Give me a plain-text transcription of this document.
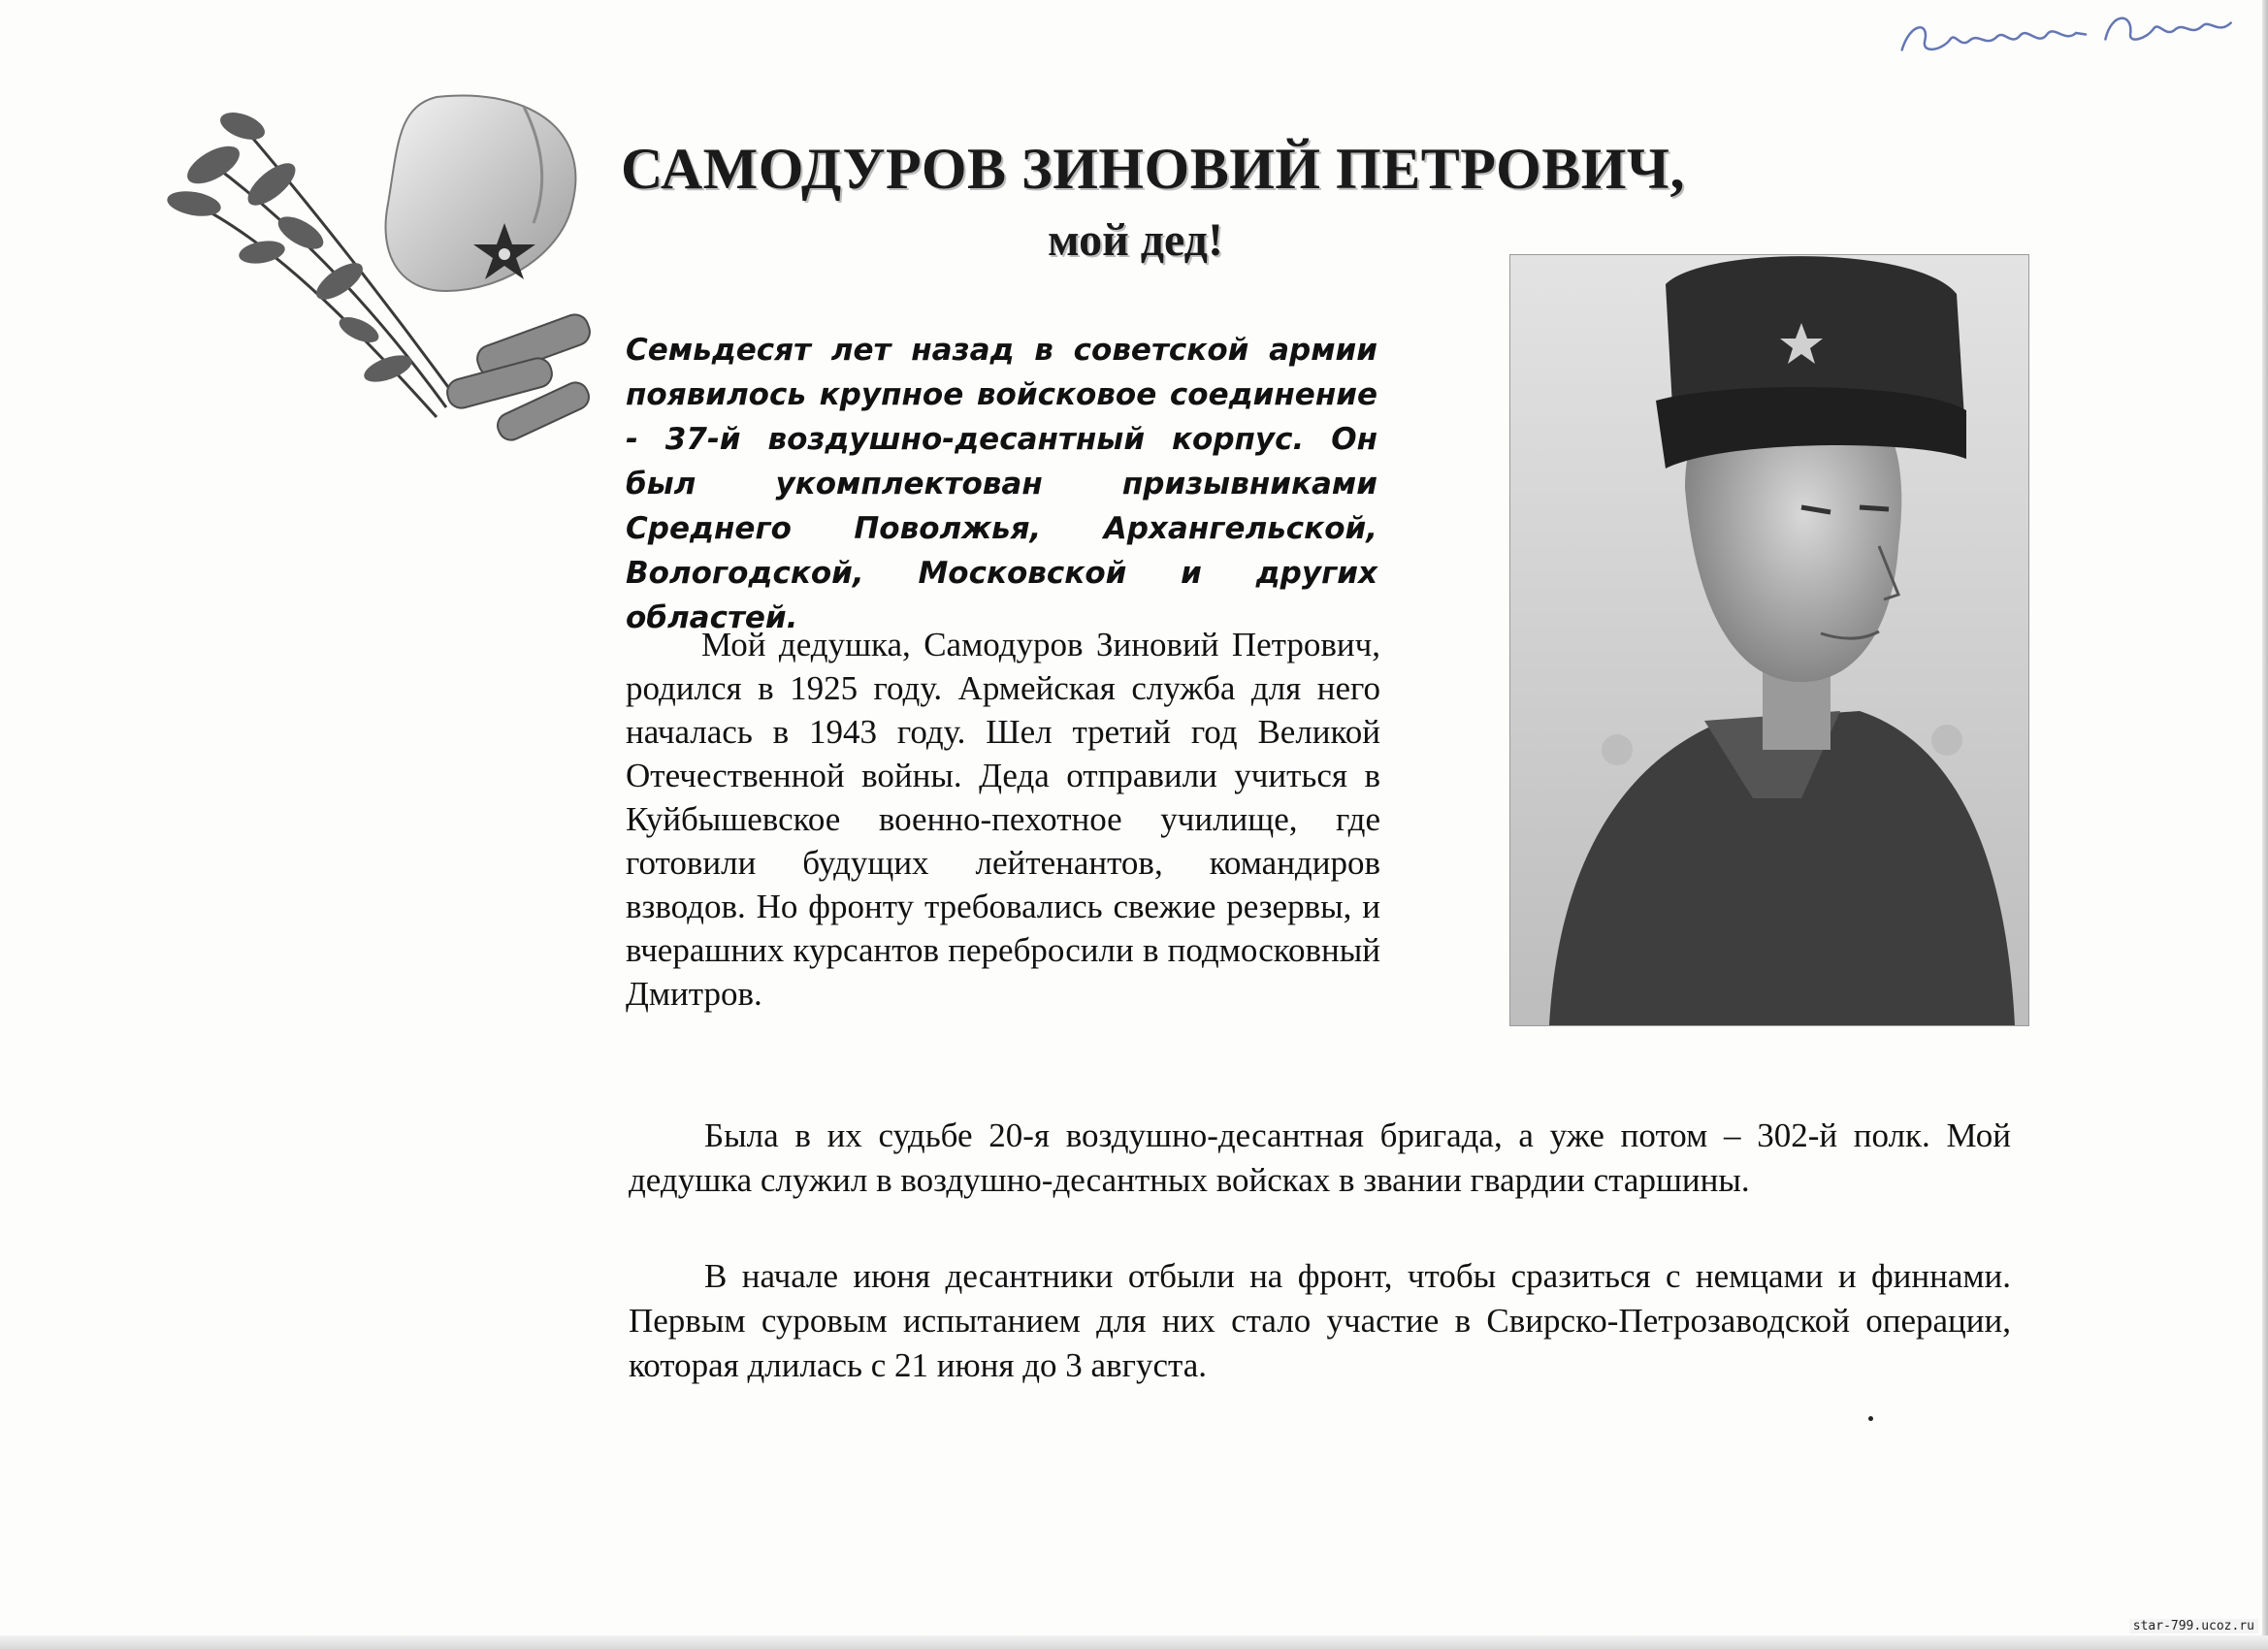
САМОДУРОВ ЗИНОВИЙ ПЕТРОВИЧ,
мой дед!
Семьдесят лет назад в советской армии появилось крупное войсковое соединение - 37-й воздушно-десантный корпус. Он был укомплектован призывниками Среднего Поволжья, Архангельской, Вологодской, Московской и других областей.
Мой дедушка, Самодуров Зиновий Петрович, родился в 1925 году. Армейская служба для него началась в 1943 году. Шел третий год Великой Отечественной войны. Деда отправили учиться в Куйбышевское военно-пехотное училище, где готовили будущих лейтенантов, командиров взводов. Но фронту требовались свежие резервы, и вчерашних курсантов перебросили в подмосковный Дмитров.
Была в их судьбе 20-я воздушно-десантная бригада, а уже потом – 302-й полк. Мой дедушка служил в воздушно-десантных войсках в звании гвардии старшины.
В начале июня десантники отбыли на фронт, чтобы сразиться с немцами и финнами. Первым суровым испытанием для них стало участие в Свирско-Петрозаводской операции, которая длилась с 21 июня до 3 августа.
star-799.ucoz.ru
